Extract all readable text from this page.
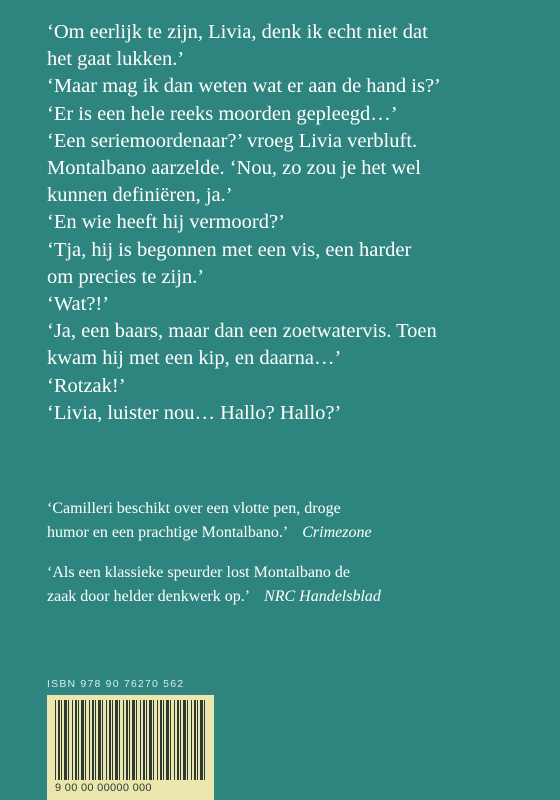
‘Om eerlijk te zijn, Livia, denk ik echt niet dat
het gaat lukken.’
‘Maar mag ik dan weten wat er aan de hand is?’
‘Er is een hele reeks moorden gepleegd…’
‘Een seriemoordenaar?’ vroeg Livia verbluft.
Montalbano aarzelde. ‘Nou, zo zou je het wel
kunnen definiëren, ja.’
‘En wie heeft hij vermoord?’
‘Tja, hij is begonnen met een vis, een harder
om precies te zijn.’
‘Wat?!’
‘Ja, een baars, maar dan een zoetwatervis. Toen
kwam hij met een kip, en daarna…’
‘Rotzak!’
‘Livia, luister nou… Hallo? Hallo?’
‘Camilleri beschikt over een vlotte pen, droge
humor en een prachtige Montalbano.’ Crimezone
‘Als een klassieke speurder lost Montalbano de
zaak door helder denkwerk op.’ NRC Handelsblad
ISBN 978 90 76270 562
9 00 00 00000 000
